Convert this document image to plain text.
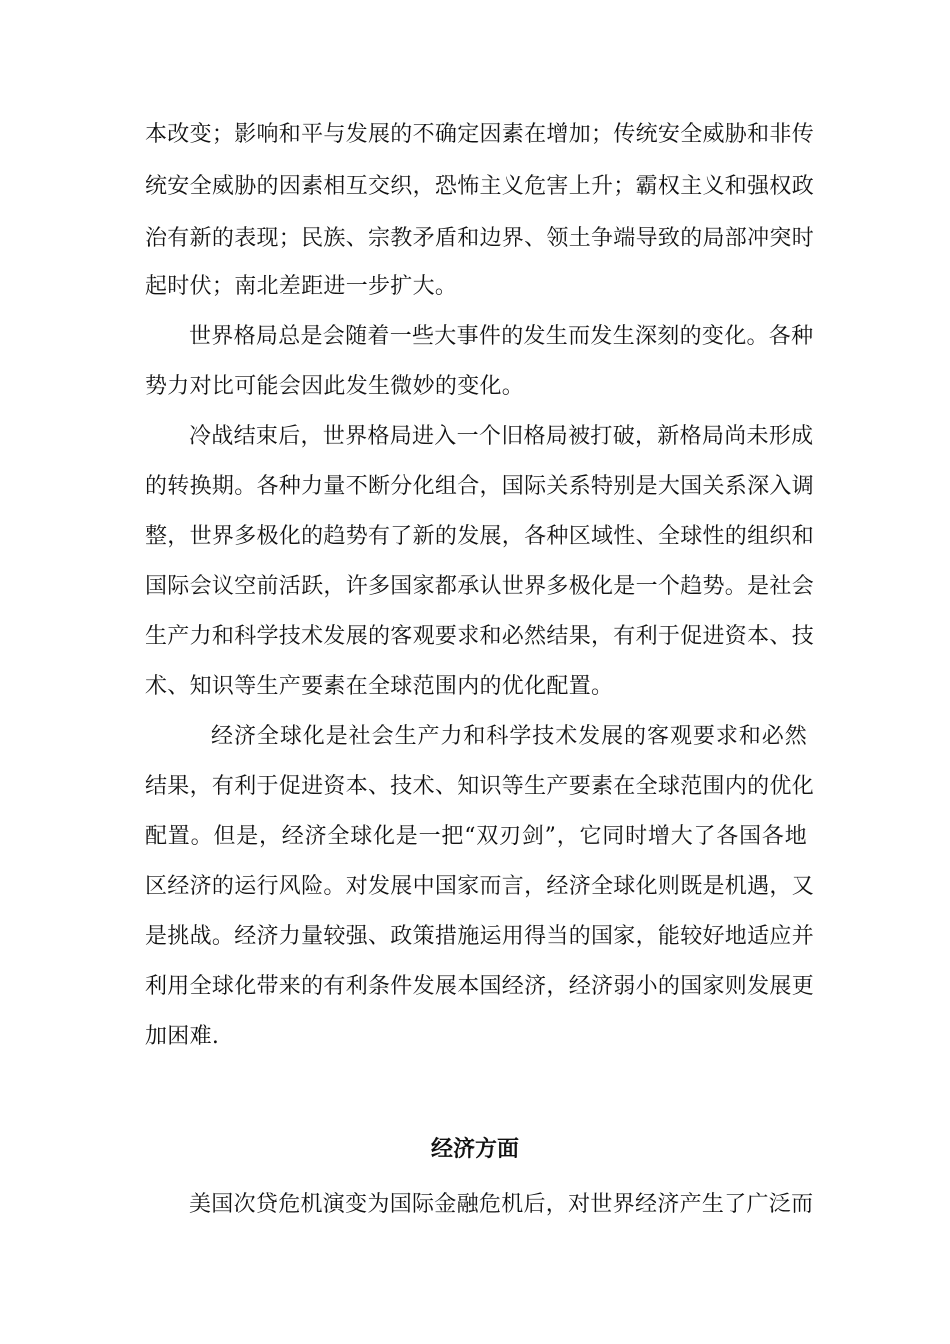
本改变；影响和平与发展的不确定因素在增加；传统安全威胁和非传
统安全威胁的因素相互交织，恐怖主义危害上升；霸权主义和强权政
治有新的表现；民族、宗教矛盾和边界、领土争端导致的局部冲突时
起时伏；南北差距进一步扩大。
世界格局总是会随着一些大事件的发生而发生深刻的变化。各种
势力对比可能会因此发生微妙的变化。
冷战结束后，世界格局进入一个旧格局被打破，新格局尚未形成
的转换期。各种力量不断分化组合，国际关系特别是大国关系深入调
整，世界多极化的趋势有了新的发展，各种区域性、全球性的组织和
国际会议空前活跃，许多国家都承认世界多极化是一个趋势。是社会
生产力和科学技术发展的客观要求和必然结果，有利于促进资本、技
术、知识等生产要素在全球范围内的优化配置。
经济全球化是社会生产力和科学技术发展的客观要求和必然
结果，有利于促进资本、技术、知识等生产要素在全球范围内的优化
配置。但是，经济全球化是一把“双刃剑”，它同时增大了各国各地
区经济的运行风险。对发展中国家而言，经济全球化则既是机遇，又
是挑战。经济力量较强、政策措施运用得当的国家，能较好地适应并
利用全球化带来的有利条件发展本国经济，经济弱小的国家则发展更
加困难.
经济方面
美国次贷危机演变为国际金融危机后，对世界经济产生了广泛而
